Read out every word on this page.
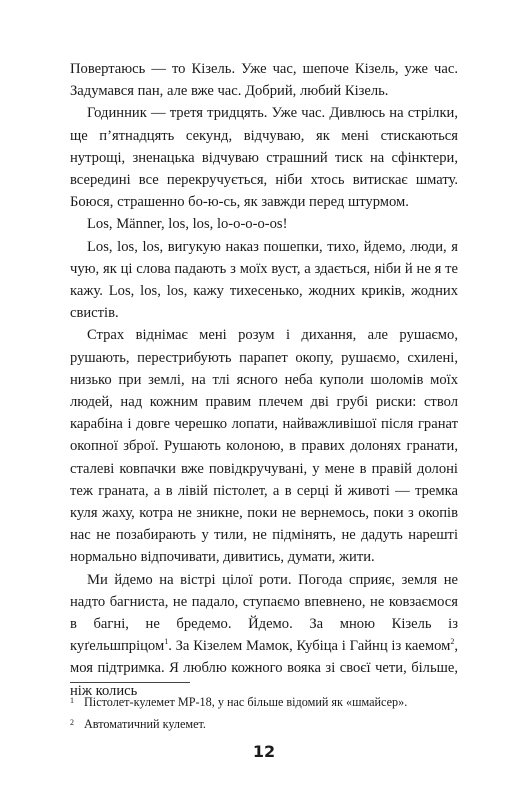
Повертаюсь — то Кізель. Уже час, шепоче Кізель, уже час. Задумався пан, але вже час. Добрий, любий Кізель.

Годинник — третя тридцять. Уже час. Дивлюсь на стрілки, ще п’ятнадцять секунд, відчуваю, як мені стискаються нутрощі, зненацька відчуваю страшний тиск на сфінктери, всередині все перекручується, ніби хтось витискає шмату. Боюся, страшенно бо-ю-сь, як завжди перед штурмом.

Los, Männer, los, los, lo-o-o-o-os!

Los, los, los, вигукую наказ пошепки, тихо, йдемо, люди, я чую, як ці слова падають з моїх вуст, а здається, ніби й не я те кажу. Los, los, los, кажу тихесенько, жодних криків, жодних свистів.

Страх віднімає мені розум і дихання, але рушаємо, рушають, перестрибують парапет окопу, рушаємо, схилені, низько при землі, на тлі ясного неба куполи шоломів моїх людей, над кожним правим плечем дві грубі риски: ствол карабіна і довге черешко лопати, найважливішої після гранат окопної зброї. Рушають колоною, в правих долонях гранати, сталеві ковпачки вже повідкручувані, у мене в правій долоні теж граната, а в лівій пістолет, а в серці й животі — тремка куля жаху, котра не зникне, поки не вернемось, поки з окопів нас не позабирають у тили, не підмінять, не дадуть нарешті нормально відпочивати, дивитись, думати, жити.

Ми йдемо на вістрі цілої роти. Погода сприяє, земля не надто багниста, не падало, ступаємо впевнено, не ковзаємося в багні, не бредемо. Йдемо. За мною Кізель із куґельшпріцом$^1$. За Кізелем Мамок, Кубіца і Гайнц із каемом$^2$, моя підтримка. Я люблю кожного вояка зі своєї чети, більше, ніж колись

1 Пістолет-кулемет МР-18, у нас більше відомий як «шмайсер».
2 Автоматичний кулемет.
12
